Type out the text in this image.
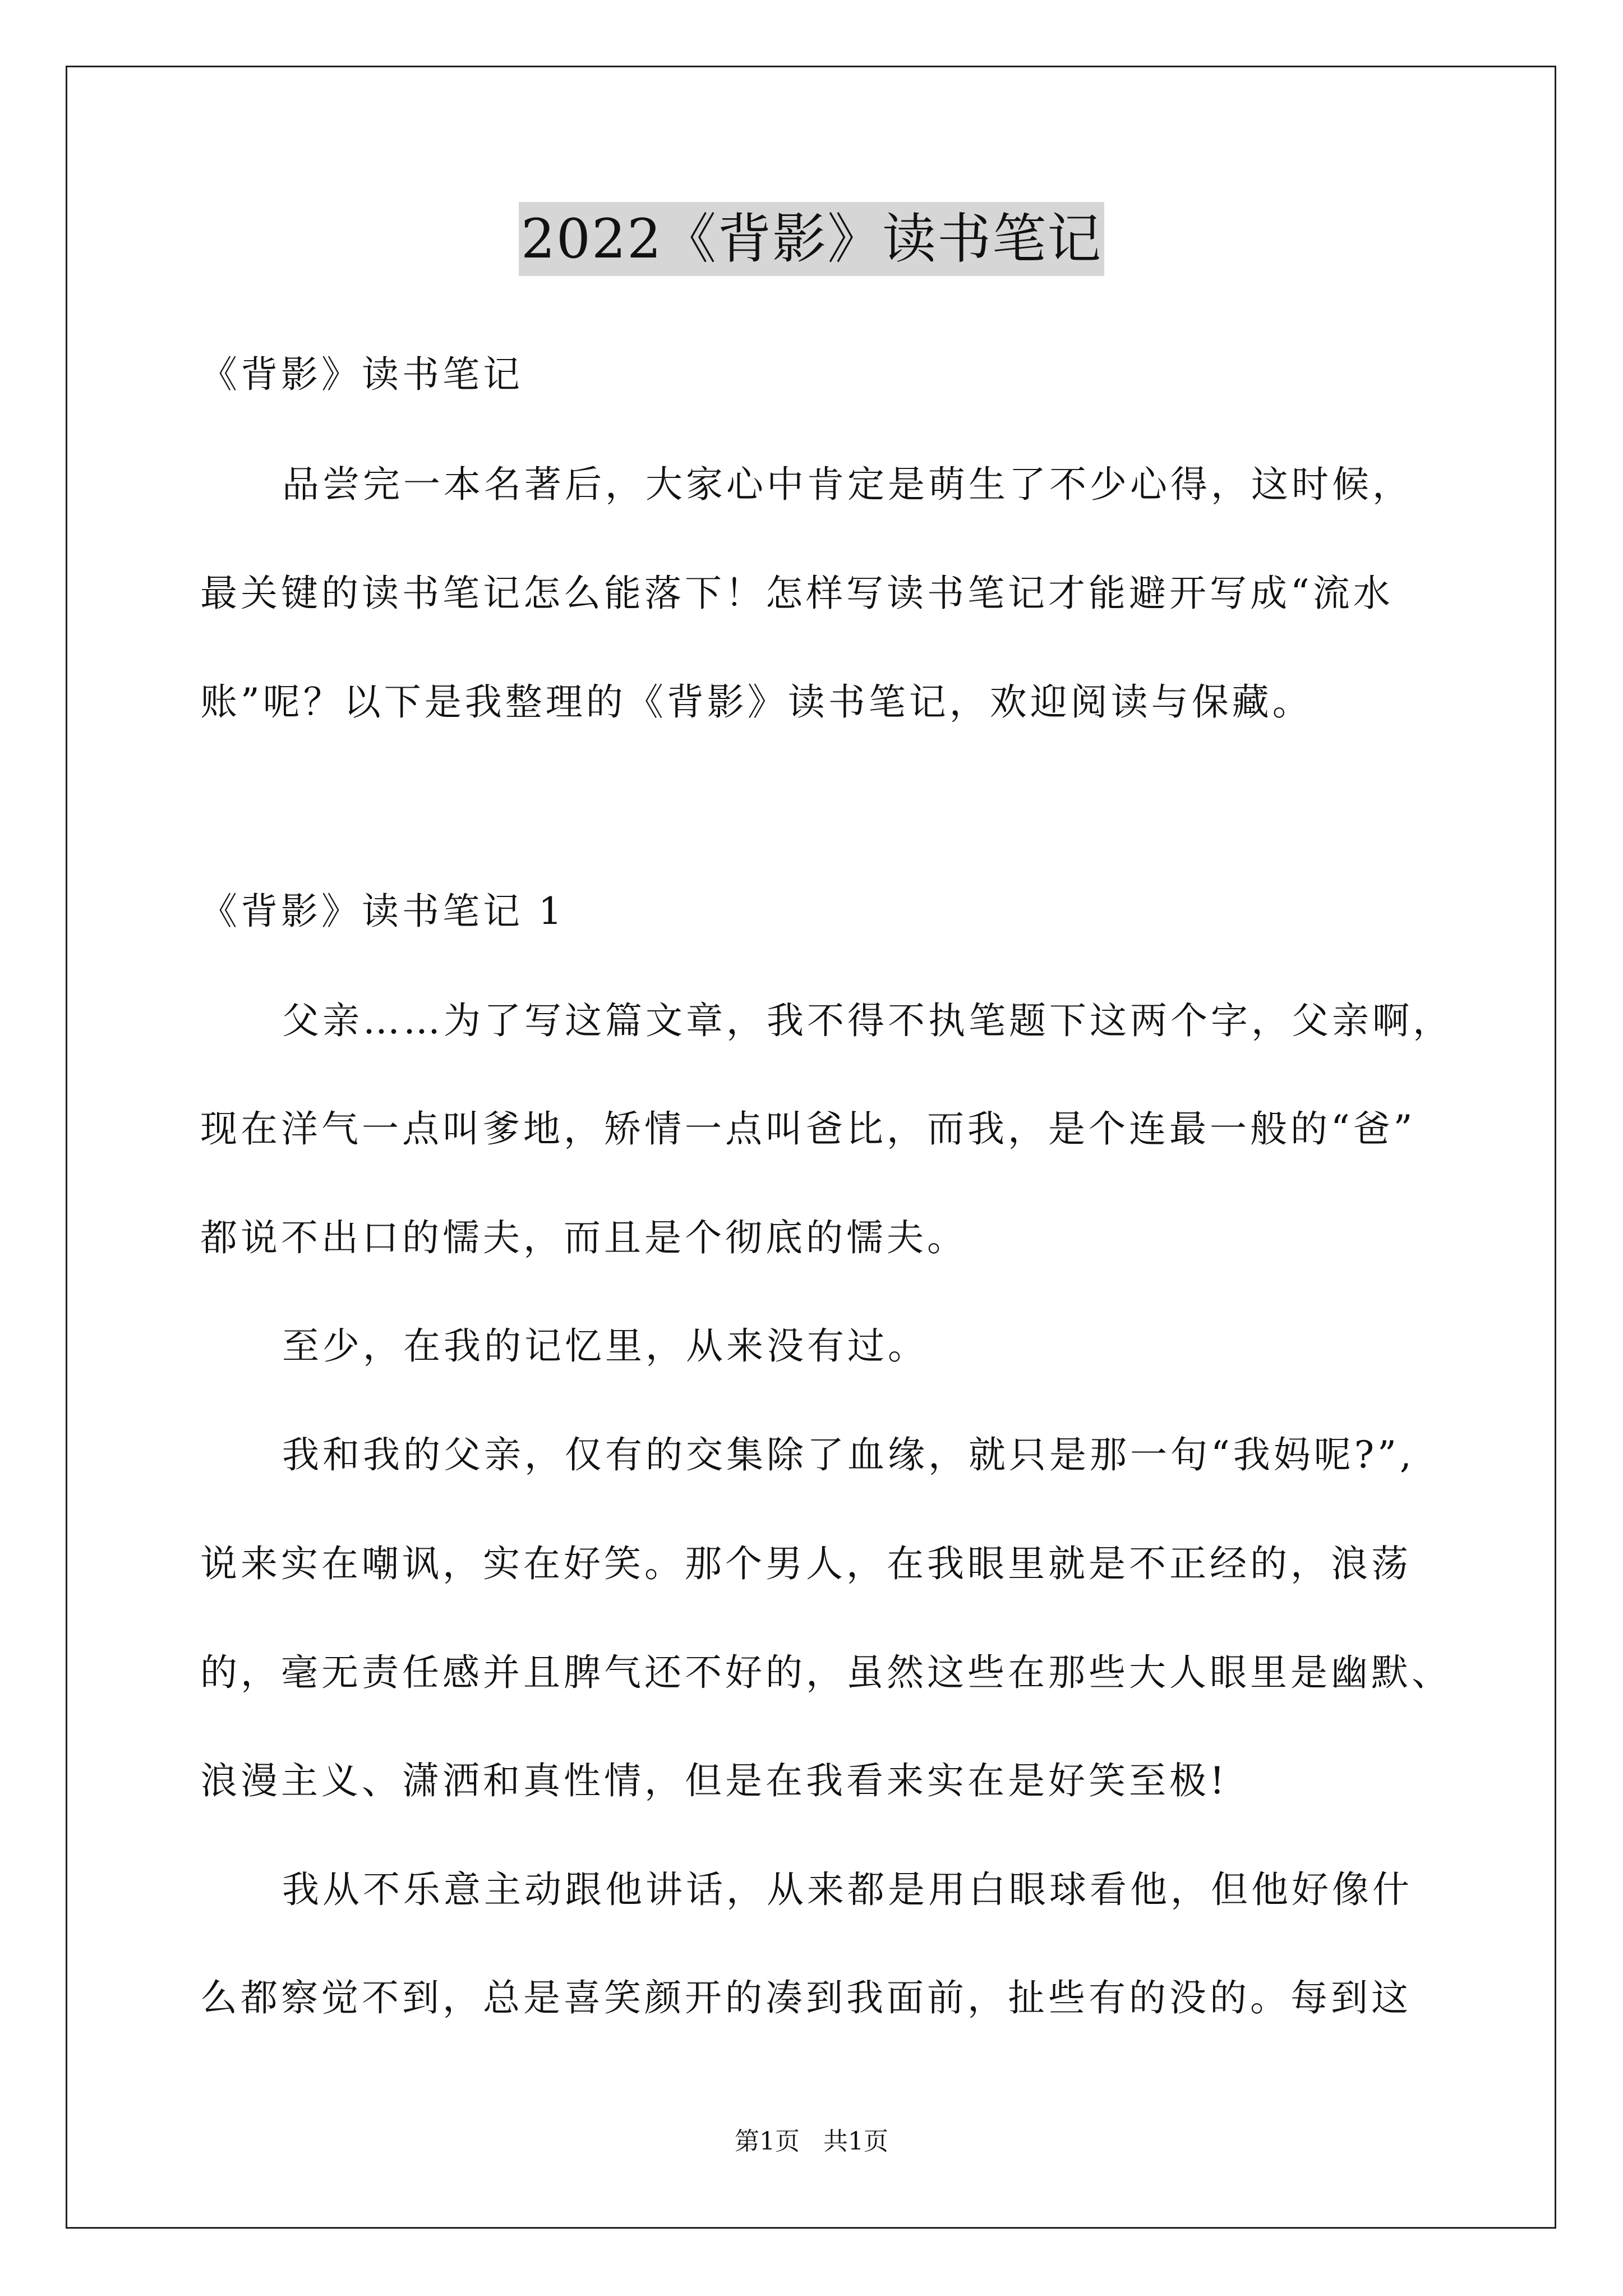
2022《背影》读书笔记
《背影》读书笔记
品尝完一本名著后，大家心中肯定是萌生了不少心得，这时候，
最关键的读书笔记怎么能落下！怎样写读书笔记才能避开写成“流水
账”呢？以下是我整理的《背影》读书笔记，欢迎阅读与保藏。
《背影》读书笔记 1
父亲……为了写这篇文章，我不得不执笔题下这两个字，父亲啊，
现在洋气一点叫爹地，矫情一点叫爸比，而我，是个连最一般的“爸”
都说不出口的懦夫，而且是个彻底的懦夫。
至少，在我的记忆里，从来没有过。
我和我的父亲，仅有的交集除了血缘，就只是那一句“我妈呢?”,
说来实在嘲讽，实在好笑。那个男人，在我眼里就是不正经的，浪荡
的，毫无责任感并且脾气还不好的，虽然这些在那些大人眼里是幽默、
浪漫主义、潇洒和真性情，但是在我看来实在是好笑至极!
我从不乐意主动跟他讲话，从来都是用白眼球看他，但他好像什
么都察觉不到，总是喜笑颜开的凑到我面前，扯些有的没的。每到这
第1页   共1页
